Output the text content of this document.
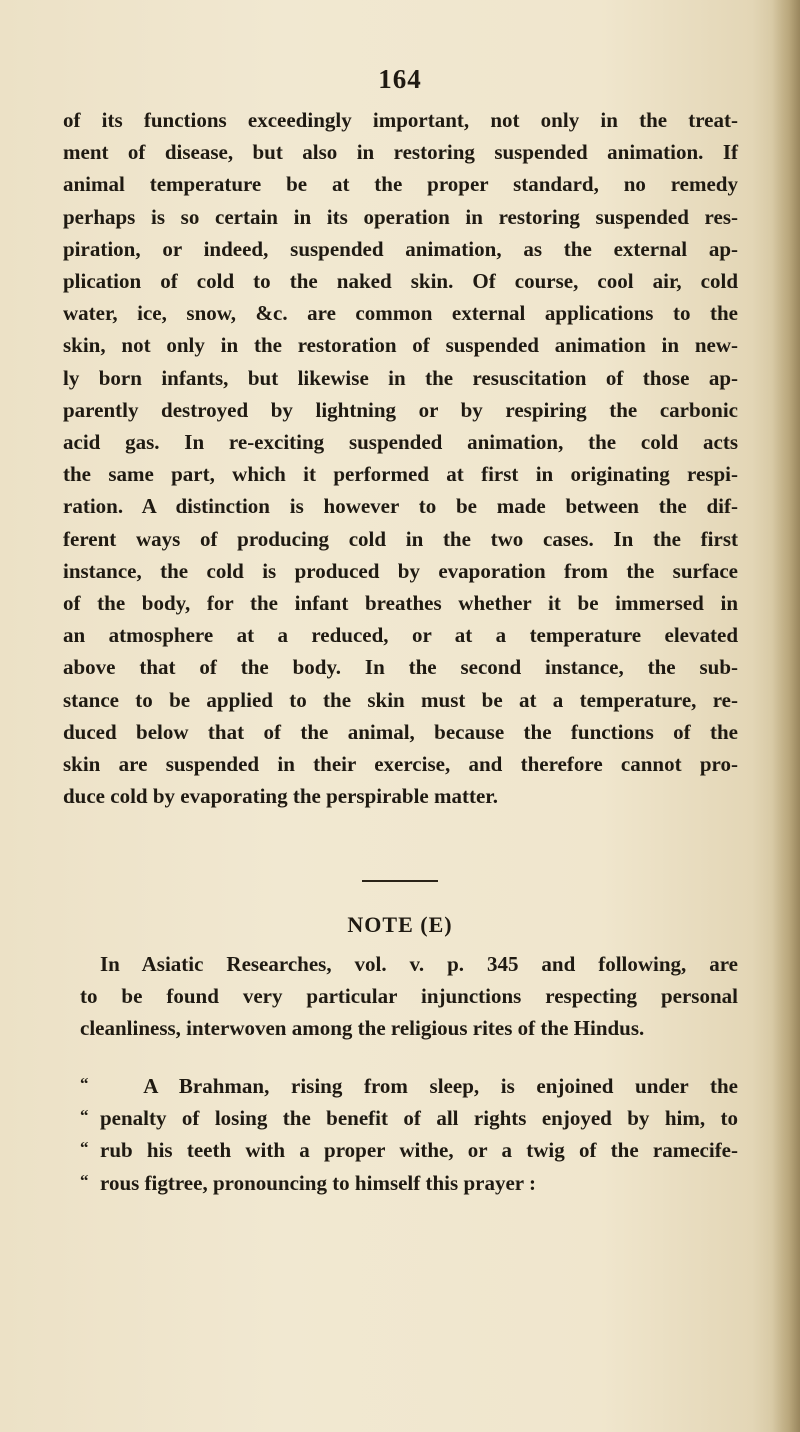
164
of its functions exceedingly important, not only in the treat-
ment of disease, but also in restoring suspended animation. If
animal temperature be at the proper standard, no remedy
perhaps is so certain in its operation in restoring suspended res-
piration, or indeed, suspended animation, as the external ap-
plication of cold to the naked skin. Of course, cool air, cold
water, ice, snow, &c. are common external applications to the
skin, not only in the restoration of suspended animation in new-
ly born infants, but likewise in the resuscitation of those ap-
parently destroyed by lightning or by respiring the carbonic
acid gas. In re-exciting suspended animation, the cold acts
the same part, which it performed at first in originating respi-
ration. A distinction is however to be made between the dif-
ferent ways of producing cold in the two cases. In the first
instance, the cold is produced by evaporation from the surface
of the body, for the infant breathes whether it be immersed in
an atmosphere at a reduced, or at a temperature elevated
above that of the body. In the second instance, the sub-
stance to be applied to the skin must be at a temperature, re-
duced below that of the animal, because the functions of the
skin are suspended in their exercise, and therefore cannot pro-
duce cold by evaporating the perspirable matter.
NOTE (E)
In Asiatic Researches, vol. v. p. 345 and following, are
to be found very particular injunctions respecting personal
cleanliness, interwoven among the religious rites of the Hindus.
“	A Brahman, rising from sleep, is enjoined under the
“ penalty of losing the benefit of all rights enjoyed by him, to
“ rub his teeth with a proper withe, or a twig of the ramecife-
“ rous figtree, pronouncing to himself this prayer :
